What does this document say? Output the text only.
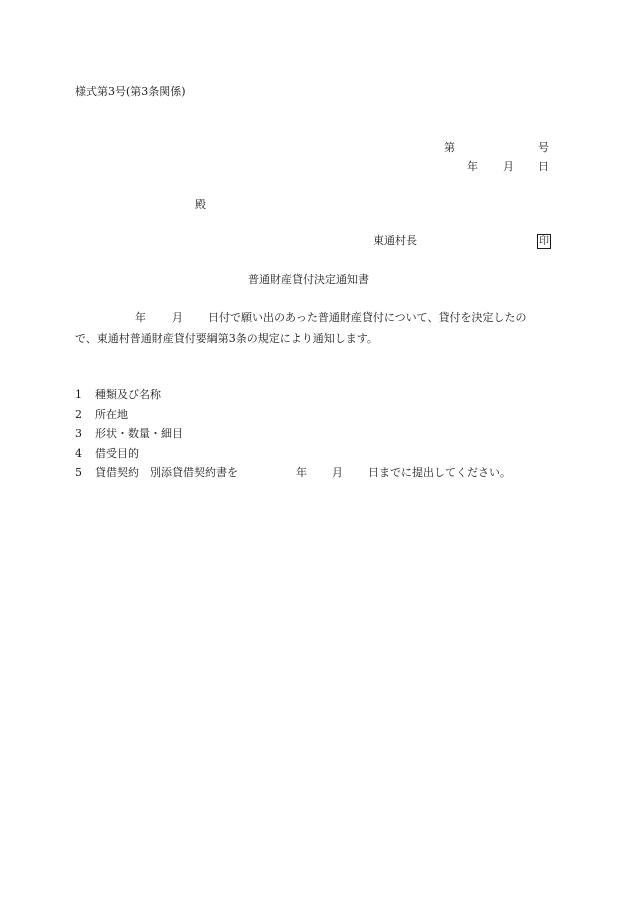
様式第3号(第3条関係)
第	号
年 月 日
殿
東通村長	印
普通財産貸付決定通知書
年 月 日付で願い出のあった普通財産貸付について、貸付を決定したの
で、東通村普通財産貸付要綱第3条の規定により通知します。
1 種類及び名称
2 所在地
3 形状・数量・細目
4 借受目的
5 貸借契約　別添貸借契約書を	年 月 日までに提出してください。
